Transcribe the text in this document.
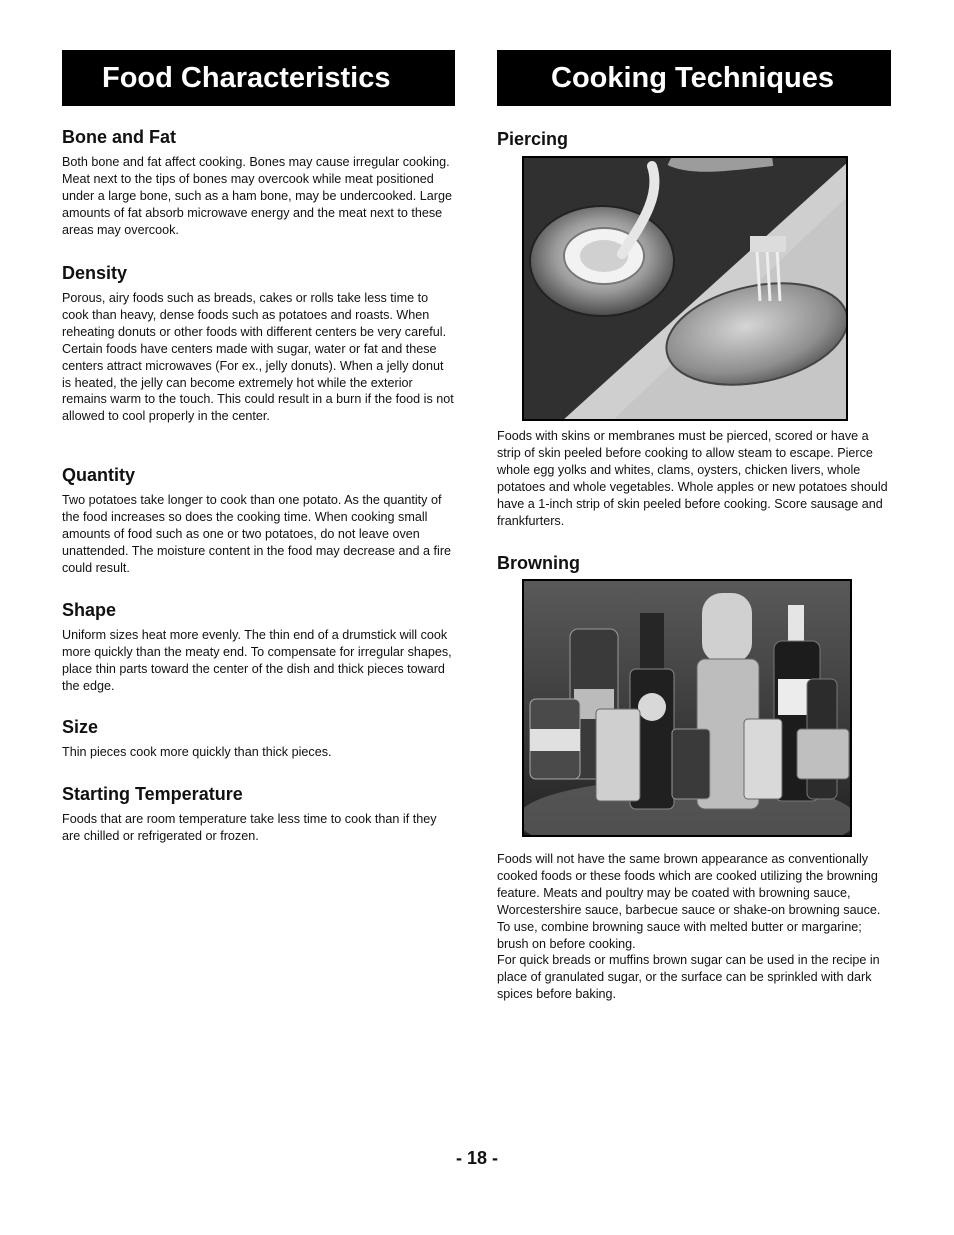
Food Characteristics	Cooking Techniques
Bone and Fat

Both bone and fat affect cooking. Bones may cause irregular cooking. Meat next to the tips of bones may overcook while meat positioned under a large bone, such as a ham bone, may be undercooked. Large amounts of fat absorb microwave energy and the meat next to these areas may overcook.

Density

Porous, airy foods such as breads, cakes or rolls take less time to cook than heavy, dense foods such as potatoes and roasts. When reheating donuts or other foods with different centers be very careful. Certain foods have centers made with sugar, water or fat and these centers attract microwaves (For ex., jelly donuts). When a jelly donut is heated, the jelly can become extremely hot while the exterior remains warm to the touch. This could result in a burn if the food is not allowed to cool properly in the center.

Quantity

Two potatoes take longer to cook than one potato. As the quantity of the food increases so does the cooking time. When cooking small amounts of food such as one or two potatoes, do not leave oven unattended. The moisture content in the food may decrease and a fire could result.

Shape

Uniform sizes heat more evenly. The thin end of a drumstick will cook more quickly than the meaty end. To compensate for irregular shapes, place thin parts toward the center of the dish and thick pieces toward the edge.

Size

Thin pieces cook more quickly than thick pieces.

Starting Temperature

Foods that are room temperature take less time to cook than if they are chilled or refrigerated or frozen.

Piercing

Foods with skins or membranes must be pierced, scored or have a strip of skin peeled before cooking to allow steam to escape. Pierce whole egg yolks and whites, clams, oysters, chicken livers, whole potatoes and whole vegetables. Whole apples or new potatoes should have a 1-inch strip of skin peeled before cooking. Score sausage and frankfurters.

Browning

Foods will not have the same brown appearance as conventionally cooked foods or these foods which are cooked utilizing the browning feature. Meats and poultry may be coated with browning sauce, Worcestershire sauce, barbecue sauce or shake-on browning sauce. To use, combine browning sauce with melted butter or margarine; brush on before cooking.

For quick breads or muffins brown sugar can be used in the recipe in place of granulated sugar, or the surface can be sprinkled with dark spices before baking.

- 18 -
